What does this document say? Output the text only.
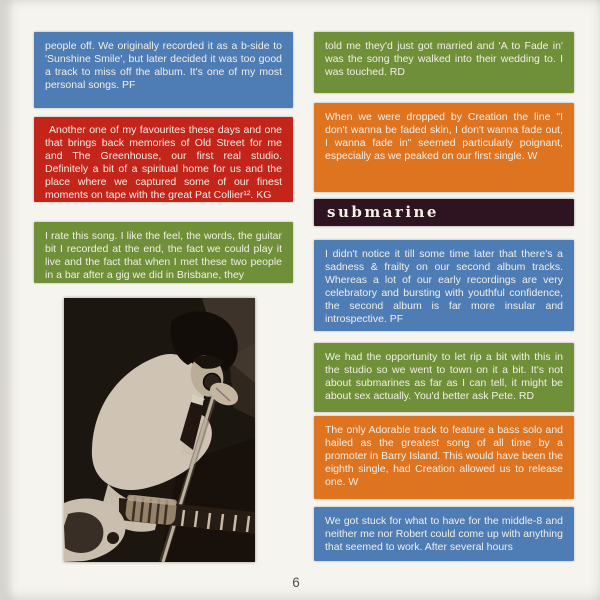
people off. We originally recorded it as a b-side to 'Sunshine Smile', but later decided it was too good a track to miss off the album. It's one of my most personal songs. PF
Another one of my favourites these days and one that brings back memories of Old Street for me and The Greenhouse, our first real studio. Definitely a bit of a spiritual home for us and the place where we captured some of our finest moments on tape with the great Pat Collier¹². KG
I rate this song. I like the feel, the words, the guitar bit I recorded at the end, the fact we could play it live and the fact that when I met these two people in a bar after a gig we did in Brisbane, they
told me they'd just got married and 'A to Fade in' was the song they walked into their wedding to. I was touched. RD
When we were dropped by Creation the line "I don't wanna be faded skin, I don't wanna fade out, I wanna fade in" seemed particularly poignant, especially as we peaked on our first single. W
submarine
I didn't notice it till some time later that there's a sadness & frailty on our second album tracks. Whereas a lot of our early recordings are very celebratory and bursting with youthful confidence, the second album is far more insular and introspective. PF
We had the opportunity to let rip a bit with this in the studio so we went to town on it a bit. It's not about submarines as far as I can tell, it might be about sex actually. You'd better ask Pete. RD
The only Adorable track to feature a bass solo and hailed as the greatest song of all time by a promoter in Barry Island. This would have been the eighth single, had Creation allowed us to release one. W
We got stuck for what to have for the middle-8 and neither me nor Robert could come up with anything that seemed to work. After several hours
6
